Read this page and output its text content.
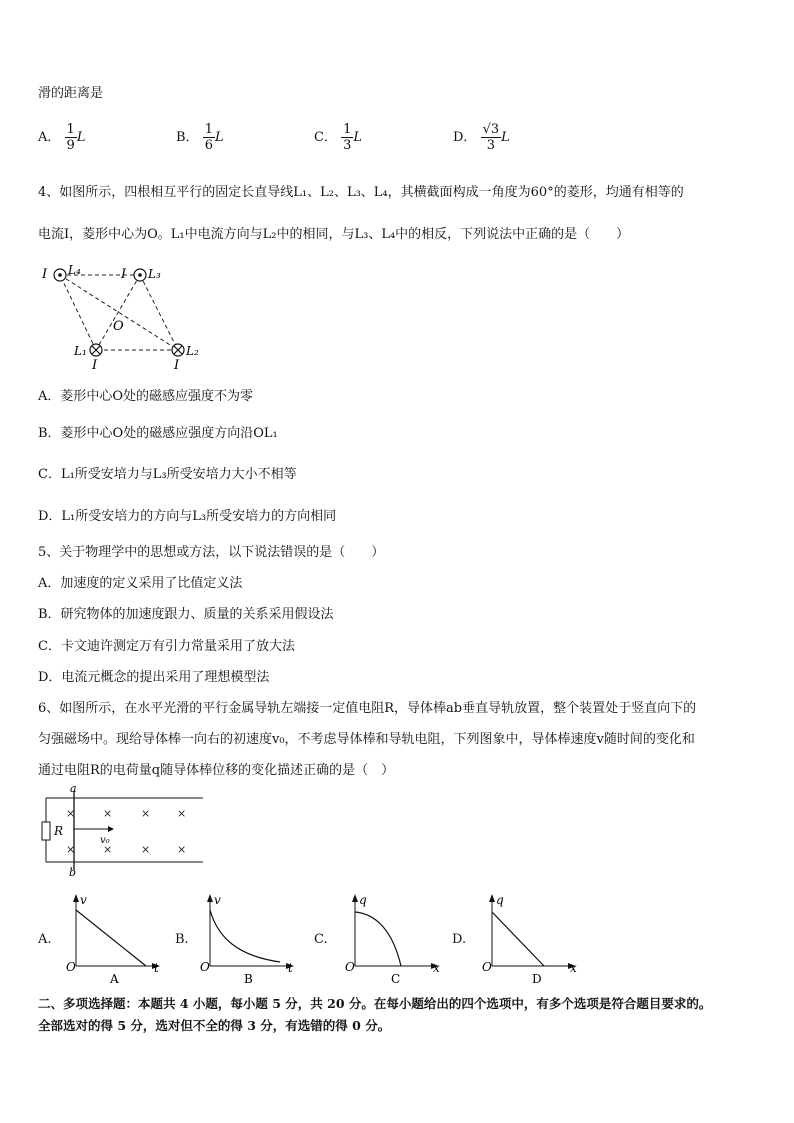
滑的距离是
A． $\frac{1}{9}$ L	B． $\frac{1}{6}$ L	C． $\frac{1}{3}$ L	D． $\frac{√3}{3}$ L
4、如图所示，四根相互平行的固定长直导线L₁、L₂、L₃、L₄，其横截面构成一角度为60°的菱形，均通有相等的
电流I，菱形中心为O。L₁中电流方向与L₂中的相同，与L₃、L₄中的相反，下列说法中正确的是（　　）
I L₄	I L₃
O
L₁
I
L₂
I
A．菱形中心O处的磁感应强度不为零
B．菱形中心O处的磁感应强度方向沿OL₁
C．L₁所受安培力与L₃所受安培力大小不相等
D．L₁所受安培力的方向与L₃所受安培力的方向相同
5、关于物理学中的思想或方法，以下说法错误的是（　　）
A．加速度的定义采用了比值定义法
B．研究物体的加速度跟力、质量的关系采用假设法
C．卡文迪许测定万有引力常量采用了放大法
D．电流元概念的提出采用了理想模型法
6、如图所示，在水平光滑的平行金属导轨左端接一定值电阻R，导体棒ab垂直导轨放置，整个装置处于竖直向下的
匀强磁场中。现给导体棒一向右的初速度v₀，不考虑导体棒和导轨电阻，下列图象中，导体棒速度v随时间的变化和
通过电阻R的电荷量q随导体棒位移的变化描述正确的是（　）
R
a
b
v₀
×	×	× ×
×	×	× ×
A.	B.	C.	D.
v
t
O
A
v
t
O
B
q
x
O
C
q
x
O
D
二、多项选择题：本题共 4 小题，每小题 5 分，共 20 分。在每小题给出的四个选项中，有多个选项是符合题目要求的。
全部选对的得 5 分，选对但不全的得 3 分，有选错的得 0 分。
